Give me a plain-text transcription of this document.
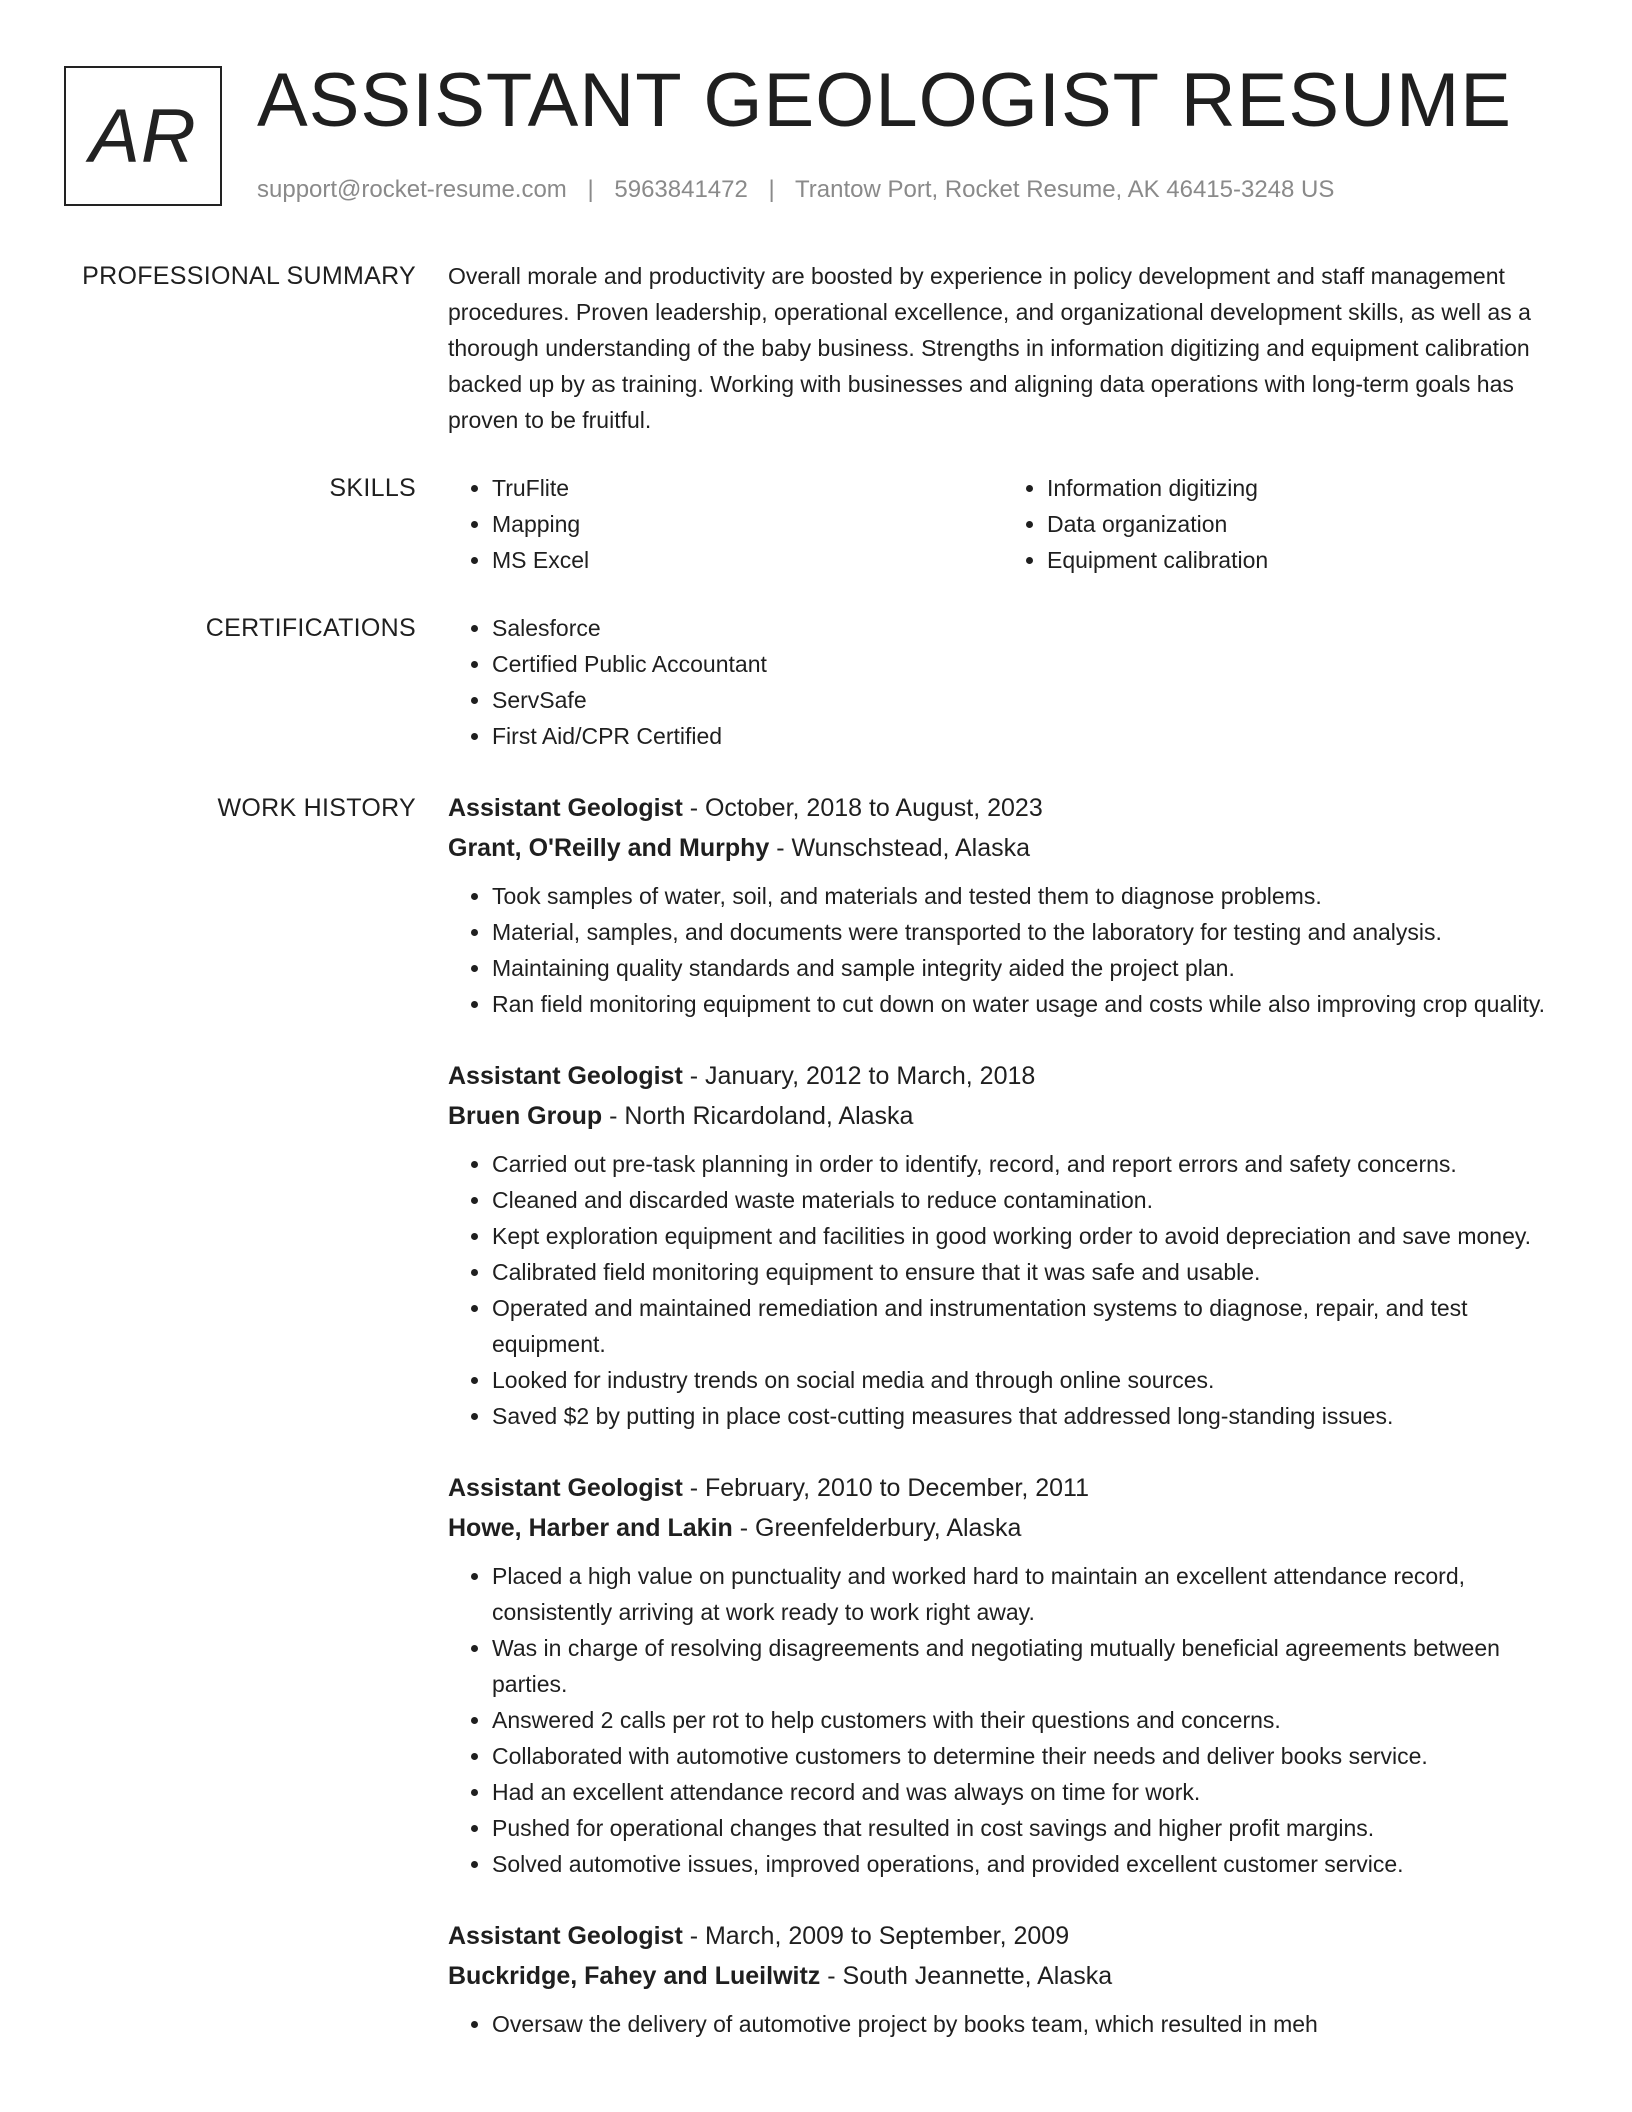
AR ASSISTANT GEOLOGIST RESUME
support@rocket-resume.com | 5963841472 | Trantow Port, Rocket Resume, AK 46415-3248 US
PROFESSIONAL SUMMARY Overall morale and productivity are boosted by experience in policy development and staff management procedures. Proven leadership, operational excellence, and organizational development skills, as well as a thorough understanding of the baby business. Strengths in information digitizing and equipment calibration backed up by as training. Working with businesses and aligning data operations with long-term goals has proven to be fruitful.

SKILLS	• TruFlite
• Mapping
• MS Excel
• Information digitizing
• Data organization
• Equipment calibration
CERTIFICATIONS	• Salesforce
• Certified Public Accountant
• ServSafe
• First Aid/CPR Certified
WORK HISTORY Assistant Geologist - October, 2018 to August, 2023
Grant, O'Reilly and Murphy - Wunschstead, Alaska
• Took samples of water, soil, and materials and tested them to diagnose problems.
• Material, samples, and documents were transported to the laboratory for testing and analysis.
• Maintaining quality standards and sample integrity aided the project plan.
• Ran field monitoring equipment to cut down on water usage and costs while also improving crop quality.
Assistant Geologist - January, 2012 to March, 2018
Bruen Group - North Ricardoland, Alaska
• Carried out pre-task planning in order to identify, record, and report errors and safety concerns.
• Cleaned and discarded waste materials to reduce contamination.
• Kept exploration equipment and facilities in good working order to avoid depreciation and save money.
• Calibrated field monitoring equipment to ensure that it was safe and usable.
• Operated and maintained remediation and instrumentation systems to diagnose, repair, and test equipment.
• Looked for industry trends on social media and through online sources.
• Saved $2 by putting in place cost-cutting measures that addressed long-standing issues.
Assistant Geologist - February, 2010 to December, 2011
Howe, Harber and Lakin - Greenfelderbury, Alaska
• Placed a high value on punctuality and worked hard to maintain an excellent attendance record, consistently arriving at work ready to work right away.
• Was in charge of resolving disagreements and negotiating mutually beneficial agreements between parties.
• Answered 2 calls per rot to help customers with their questions and concerns.
• Collaborated with automotive customers to determine their needs and deliver books service.
• Had an excellent attendance record and was always on time for work.
• Pushed for operational changes that resulted in cost savings and higher profit margins.
• Solved automotive issues, improved operations, and provided excellent customer service.
Assistant Geologist - March, 2009 to September, 2009
Buckridge, Fahey and Lueilwitz - South Jeannette, Alaska
• Oversaw the delivery of automotive project by books team, which resulted in meh
